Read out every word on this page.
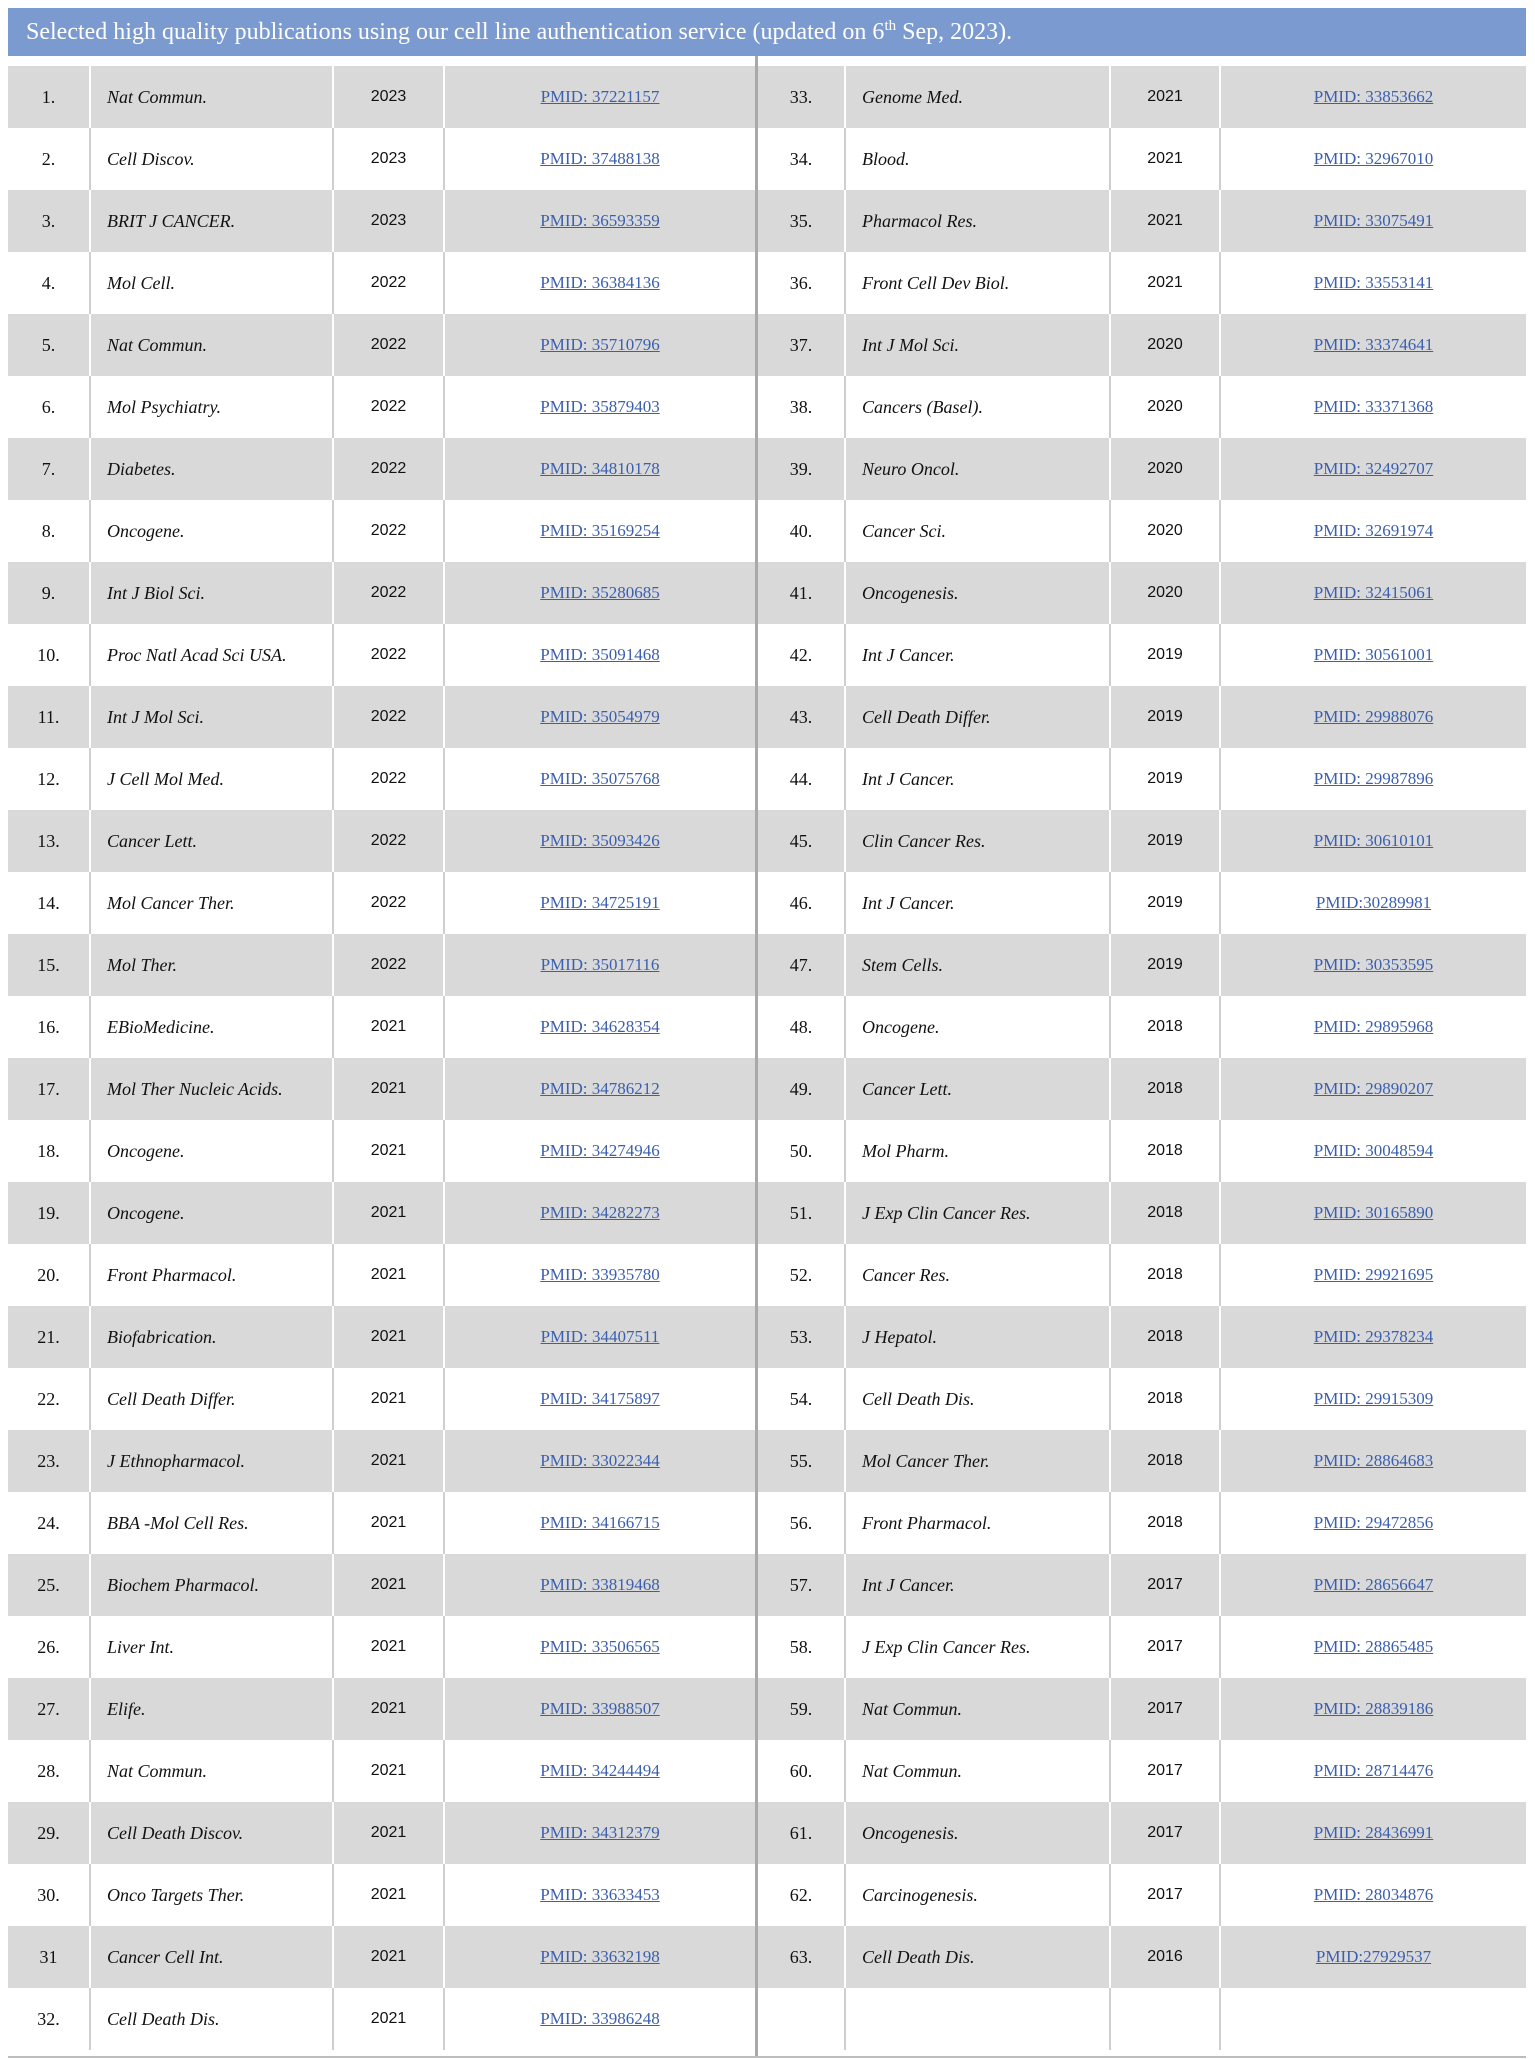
Selected high quality publications using our cell line authentication service (updated on 6th Sep, 2023).
1.	Nat Commun.	2023	PMID: 37221157
2.	Cell Discov.	2023	PMID: 37488138
3.	BRIT J CANCER.	2023	PMID: 36593359
4.	Mol Cell.	2022	PMID: 36384136
5.	Nat Commun.	2022	PMID: 35710796
6.	Mol Psychiatry.	2022	PMID: 35879403
7.	Diabetes.	2022	PMID: 34810178
8.	Oncogene.	2022	PMID: 35169254
9.	Int J Biol Sci.	2022	PMID: 35280685
10.	Proc Natl Acad Sci USA.	2022	PMID: 35091468
11.	Int J Mol Sci.	2022	PMID: 35054979
12.	J Cell Mol Med.	2022	PMID: 35075768
13.	Cancer Lett.	2022	PMID: 35093426
14.	Mol Cancer Ther.	2022	PMID: 34725191
15.	Mol Ther.	2022	PMID: 35017116
16.	EBioMedicine.	2021	PMID: 34628354
17.	Mol Ther Nucleic Acids.	2021	PMID: 34786212
18.	Oncogene.	2021	PMID: 34274946
19.	Oncogene.	2021	PMID: 34282273
20.	Front Pharmacol.	2021	PMID: 33935780
21.	Biofabrication.	2021	PMID: 34407511
22.	Cell Death Differ.	2021	PMID: 34175897
23.	J Ethnopharmacol.	2021	PMID: 33022344
24.	BBA -Mol Cell Res.	2021	PMID: 34166715
25.	Biochem Pharmacol.	2021	PMID: 33819468
26.	Liver Int.	2021	PMID: 33506565
27.	Elife.	2021	PMID: 33988507
28.	Nat Commun.	2021	PMID: 34244494
29.	Cell Death Discov.	2021	PMID: 34312379
30.	Onco Targets Ther.	2021	PMID: 33633453
31	Cancer Cell Int.	2021	PMID: 33632198
32.	Cell Death Dis.	2021	PMID: 33986248
33.	Genome Med.	2021	PMID: 33853662
34.	Blood.	2021	PMID: 32967010
35.	Pharmacol Res.	2021	PMID: 33075491
36.	Front Cell Dev Biol.	2021	PMID: 33553141
37.	Int J Mol Sci.	2020	PMID: 33374641
38.	Cancers (Basel).	2020	PMID: 33371368
39.	Neuro Oncol.	2020	PMID: 32492707
40.	Cancer Sci.	2020	PMID: 32691974
41.	Oncogenesis.	2020	PMID: 32415061
42.	Int J Cancer.	2019	PMID: 30561001
43.	Cell Death Differ.	2019	PMID: 29988076
44.	Int J Cancer.	2019	PMID: 29987896
45.	Clin Cancer Res.	2019	PMID: 30610101
46.	Int J Cancer.	2019	PMID:30289981
47.	Stem Cells.	2019	PMID: 30353595
48.	Oncogene.	2018	PMID: 29895968
49.	Cancer Lett.	2018	PMID: 29890207
50.	Mol Pharm.	2018	PMID: 30048594
51.	J Exp Clin Cancer Res.	2018	PMID: 30165890
52.	Cancer Res.	2018	PMID: 29921695
53.	J Hepatol.	2018	PMID: 29378234
54.	Cell Death Dis.	2018	PMID: 29915309
55.	Mol Cancer Ther.	2018	PMID: 28864683
56.	Front Pharmacol.	2018	PMID: 29472856
57.	Int J Cancer.	2017	PMID: 28656647
58.	J Exp Clin Cancer Res.	2017	PMID: 28865485
59.	Nat Commun.	2017	PMID: 28839186
60.	Nat Commun.	2017	PMID: 28714476
61.	Oncogenesis.	2017	PMID: 28436991
62.	Carcinogenesis.	2017	PMID: 28034876
63.	Cell Death Dis.	2016	PMID:27929537
